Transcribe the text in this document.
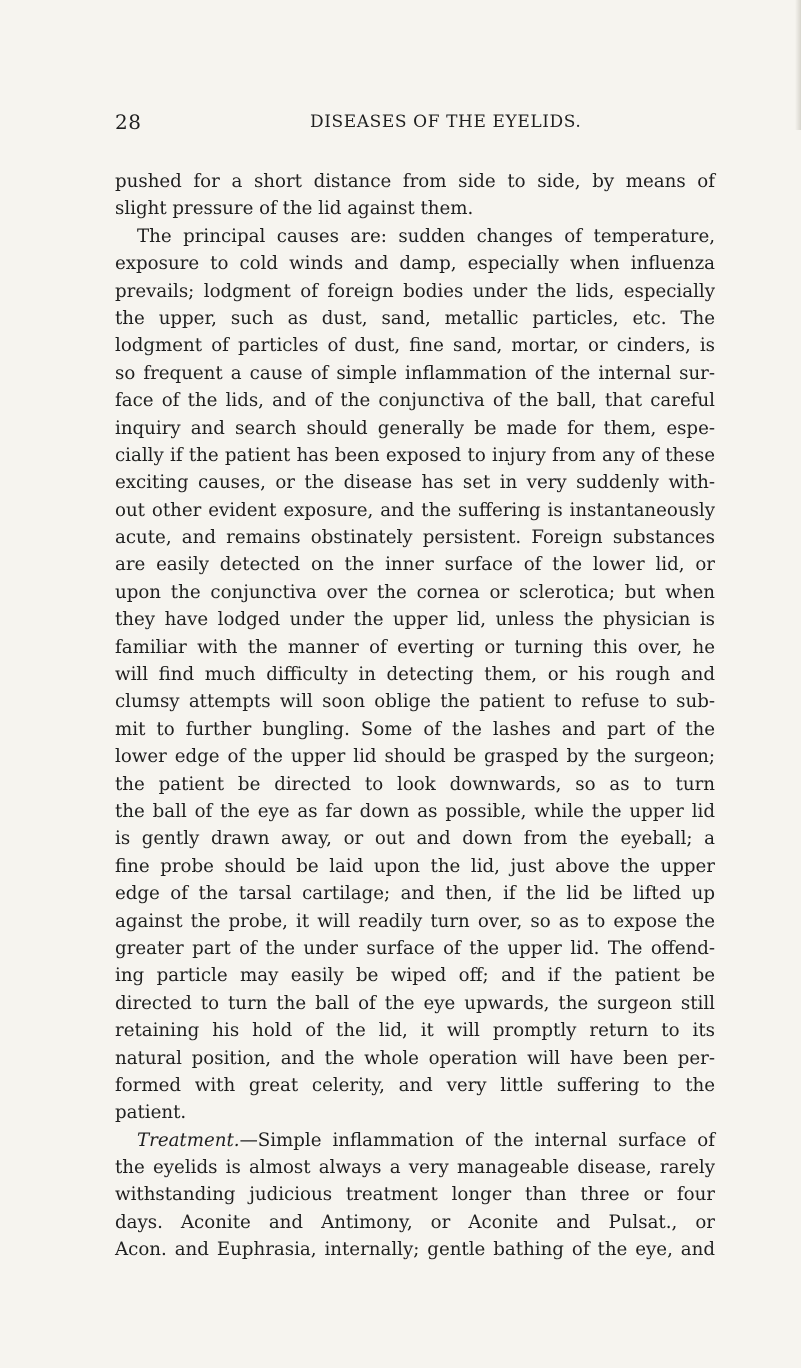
28	DISEASES OF THE EYELIDS.
pushed for a short distance from side to side, by means of
slight pressure of the lid against them.
The principal causes are: sudden changes of temperature,
exposure to cold winds and damp, especially when influenza
prevails; lodgment of foreign bodies under the lids, especially
the upper, such as dust, sand, metallic particles, etc. The
lodgment of particles of dust, fine sand, mortar, or cinders, is
so frequent a cause of simple inflammation of the internal sur-
face of the lids, and of the conjunctiva of the ball, that careful
inquiry and search should generally be made for them, espe-
cially if the patient has been exposed to injury from any of these
exciting causes, or the disease has set in very suddenly with-
out other evident exposure, and the suffering is instantaneously
acute, and remains obstinately persistent. Foreign substances
are easily detected on the inner surface of the lower lid, or
upon the conjunctiva over the cornea or sclerotica; but when
they have lodged under the upper lid, unless the physician is
familiar with the manner of everting or turning this over, he
will find much difficulty in detecting them, or his rough and
clumsy attempts will soon oblige the patient to refuse to sub-
mit to further bungling. Some of the lashes and part of the
lower edge of the upper lid should be grasped by the surgeon;
the patient be directed to look downwards, so as to turn
the ball of the eye as far down as possible, while the upper lid
is gently drawn away, or out and down from the eyeball; a
fine probe should be laid upon the lid, just above the upper
edge of the tarsal cartilage; and then, if the lid be lifted up
against the probe, it will readily turn over, so as to expose the
greater part of the under surface of the upper lid. The offend-
ing particle may easily be wiped off; and if the patient be
directed to turn the ball of the eye upwards, the surgeon still
retaining his hold of the lid, it will promptly return to its
natural position, and the whole operation will have been per-
formed with great celerity, and very little suffering to the
patient.
Treatment.—Simple inflammation of the internal surface of
the eyelids is almost always a very manageable disease, rarely
withstanding judicious treatment longer than three or four
days. Aconite and Antimony, or Aconite and Pulsat., or
Acon. and Euphrasia, internally; gentle bathing of the eye, and
